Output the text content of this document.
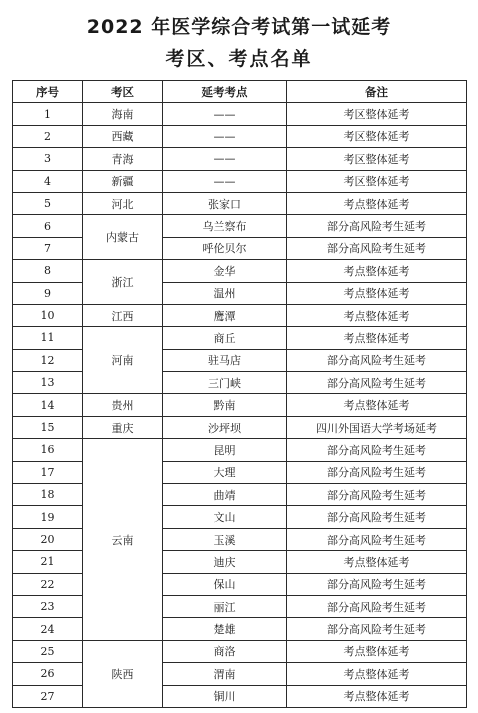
2022 年医学综合考试第一试延考
考区、考点名单
序号	考区	延考考点	备注
1	海南	——	考区整体延考
2	西藏	——	考区整体延考
3	青海	——	考区整体延考
4	新疆	——	考区整体延考
5	河北	张家口	考点整体延考
6	内蒙古	乌兰察布	部分高风险考生延考
7		呼伦贝尔	部分高风险考生延考
8	浙江	金华	考点整体延考
9		温州	考点整体延考
10	江西	鹰潭	考点整体延考
11	河南	商丘	考点整体延考
12		驻马店	部分高风险考生延考
13		三门峡	部分高风险考生延考
14	贵州	黔南	考点整体延考
15	重庆	沙坪坝	四川外国语大学考场延考
16	云南	昆明	部分高风险考生延考
17		大理	部分高风险考生延考
18		曲靖	部分高风险考生延考
19		文山	部分高风险考生延考
20		玉溪	部分高风险考生延考
21		迪庆	考点整体延考
22		保山	部分高风险考生延考
23		丽江	部分高风险考生延考
24		楚雄	部分高风险考生延考
25	陕西	商洛	考点整体延考
26		渭南	考点整体延考
27		铜川	考点整体延考
